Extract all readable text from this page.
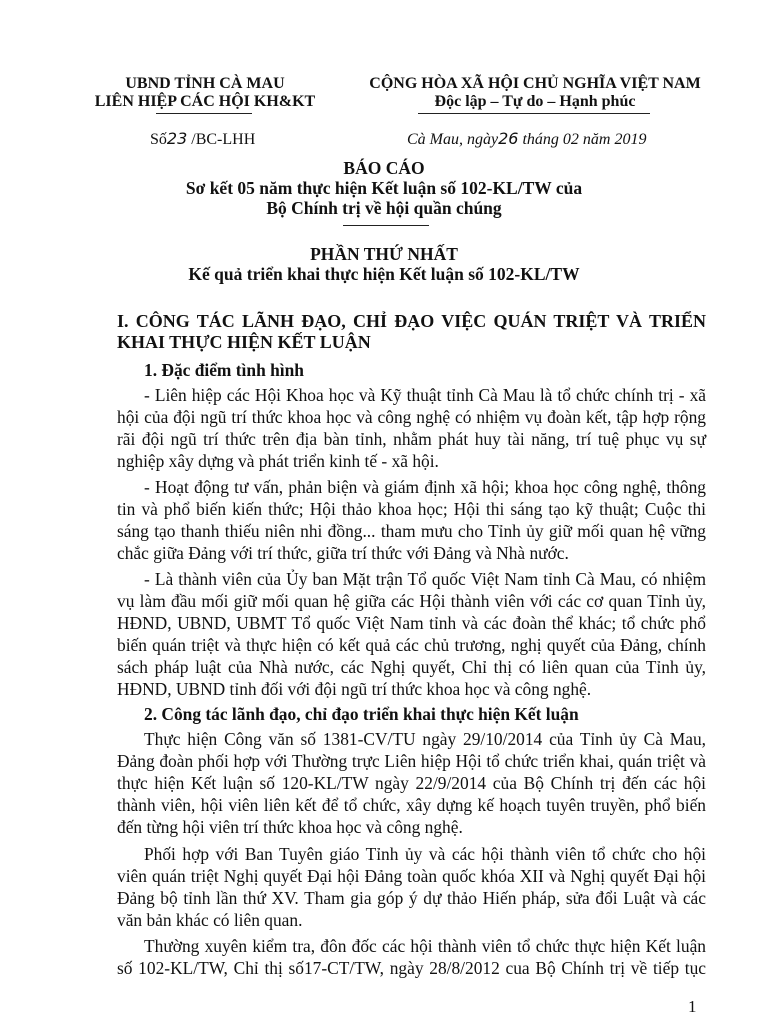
UBND TỈNH CÀ MAU
LIÊN HIỆP CÁC HỘI KH&KT
CỘNG HÒA XÃ HỘI CHỦ NGHĨA VIỆT NAM
Độc lập – Tự do – Hạnh phúc
Số23 /BC-LHH	Cà Mau, ngày26 tháng 02 năm 2019
BÁO CÁO
Sơ kết 05 năm thực hiện Kết luận số 102-KL/TW của
Bộ Chính trị về hội quần chúng
PHẦN THỨ NHẤT
Kế quả triển khai thực hiện Kết luận số 102-KL/TW
I. CÔNG TÁC LÃNH ĐẠO, CHỈ ĐẠO VIỆC QUÁN TRIỆT VÀ TRIỂN
KHAI THỰC HIỆN KẾT LUẬN
1. Đặc điểm tình hình
- Liên hiệp các Hội Khoa học và Kỹ thuật tỉnh Cà Mau là tổ chức chính trị - xã
hội của đội ngũ trí thức khoa học và công nghệ có nhiệm vụ đoàn kết, tập hợp rộng
rãi đội ngũ trí thức trên địa bàn tỉnh, nhằm phát huy tài năng, trí tuệ phục vụ sự
nghiệp xây dựng và phát triển kinh tế - xã hội.
- Hoạt động tư vấn, phản biện và giám định xã hội; khoa học công nghệ, thông
tin và phổ biến kiến thức; Hội thảo khoa học; Hội thi sáng tạo kỹ thuật; Cuộc thi
sáng tạo thanh thiếu niên nhi đồng... tham mưu cho Tỉnh ủy giữ mối quan hệ vững
chắc giữa Đảng với trí thức, giữa trí thức với Đảng và Nhà nước.
- Là thành viên của Ủy ban Mặt trận Tổ quốc Việt Nam tỉnh Cà Mau, có nhiệm
vụ làm đầu mối giữ mối quan hệ giữa các Hội thành viên với các cơ quan Tỉnh ủy,
HĐND, UBND, UBMT Tổ quốc Việt Nam tỉnh và các đoàn thể khác; tổ chức phổ
biến quán triệt và thực hiện có kết quả các chủ trương, nghị quyết của Đảng, chính
sách pháp luật của Nhà nước, các Nghị quyết, Chỉ thị có liên quan của Tỉnh ủy,
HĐND, UBND tỉnh đối với đội ngũ trí thức khoa học và công nghệ.
2. Công tác lãnh đạo, chỉ đạo triển khai thực hiện Kết luận
Thực hiện Công văn số 1381-CV/TU ngày 29/10/2014 của Tỉnh ủy Cà Mau,
Đảng đoàn phối hợp với Thường trực Liên hiệp Hội tổ chức triển khai, quán triệt và
thực hiện Kết luận số 120-KL/TW ngày 22/9/2014 của Bộ Chính trị đến các hội
thành viên, hội viên liên kết để tổ chức, xây dựng kế hoạch tuyên truyền, phổ biến
đến từng hội viên trí thức khoa học và công nghệ.
Phối hợp với Ban Tuyên giáo Tỉnh ủy và các hội thành viên tổ chức cho hội
viên quán triệt Nghị quyết Đại hội Đảng toàn quốc khóa XII và Nghị quyết Đại hội
Đảng bộ tỉnh lần thứ XV. Tham gia góp ý dự thảo Hiến pháp, sửa đổi Luật và các
văn bản khác có liên quan.
Thường xuyên kiểm tra, đôn đốc các hội thành viên tổ chức thực hiện Kết luận
số 102-KL/TW, Chỉ thị số17-CT/TW, ngày 28/8/2012 cua Bộ Chính trị về tiếp tục
1
